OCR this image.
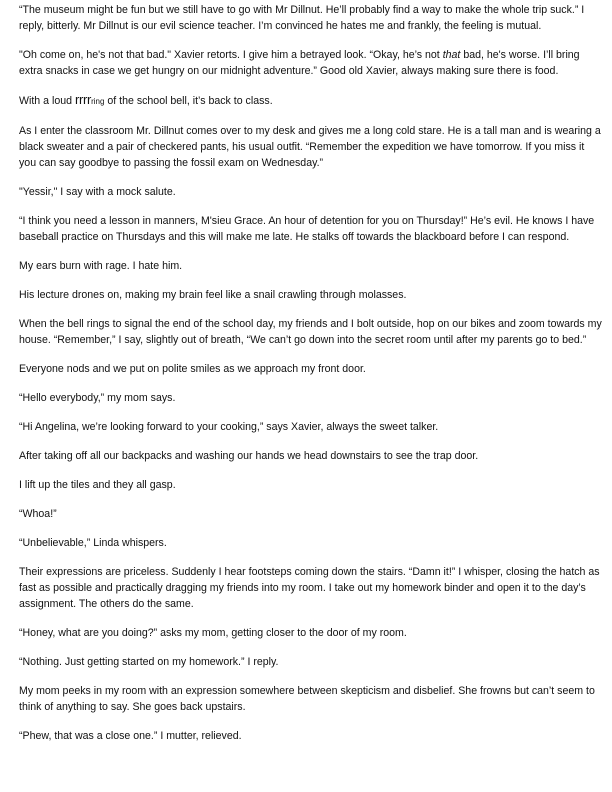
“The museum might be fun but we still have to go with Mr Dillnut. He’ll probably find a way to make the whole trip suck.” I reply, bitterly. Mr Dillnut is our evil science teacher. I’m convinced he hates me and frankly, the feeling is mutual.

"Oh come on, he's not that bad." Xavier retorts. I give him a betrayed look. “Okay, he’s not that bad, he's worse. I’ll bring extra snacks in case we get hungry on our midnight adventure.” Good old Xavier, always making sure there is food.

With a loud rrrrring of the school bell, it’s back to class.

As I enter the classroom Mr. Dillnut comes over to my desk and gives me a long cold stare. He is a tall man and is wearing a black sweater and a pair of checkered pants, his usual outfit. “Remember the expedition we have tomorrow. If you miss it you can say goodbye to passing the fossil exam on Wednesday.”

"Yessir," I say with a mock salute.

“I think you need a lesson in manners, M'sieu Grace. An hour of detention for you on Thursday!” He’s evil. He knows I have baseball practice on Thursdays and this will make me late. He stalks off towards the blackboard before I can respond.

My ears burn with rage. I hate him.

His lecture drones on, making my brain feel like a snail crawling through molasses.

When the bell rings to signal the end of the school day, my friends and I bolt outside, hop on our bikes and zoom towards my house. “Remember,” I say, slightly out of breath, “We can’t go down into the secret room until after my parents go to bed.”

Everyone nods and we put on polite smiles as we approach my front door.

“Hello everybody,” my mom says.

“Hi Angelina, we’re looking forward to your cooking,” says Xavier, always the sweet talker.

After taking off all our backpacks and washing our hands we head downstairs to see the trap door.

I lift up the tiles and they all gasp.

“Whoa!”

“Unbelievable,” Linda whispers.

Their expressions are priceless. Suddenly I hear footsteps coming down the stairs. “Damn it!” I whisper, closing the hatch as fast as possible and practically dragging my friends into my room. I take out my homework binder and open it to the day’s assignment. The others do the same.

“Honey, what are you doing?” asks my mom, getting closer to the door of my room.

“Nothing. Just getting started on my homework.” I reply.

My mom peeks in my room with an expression somewhere between skepticism and disbelief. She frowns but can’t seem to think of anything to say. She goes back upstairs.

“Phew, that was a close one.” I mutter, relieved.
